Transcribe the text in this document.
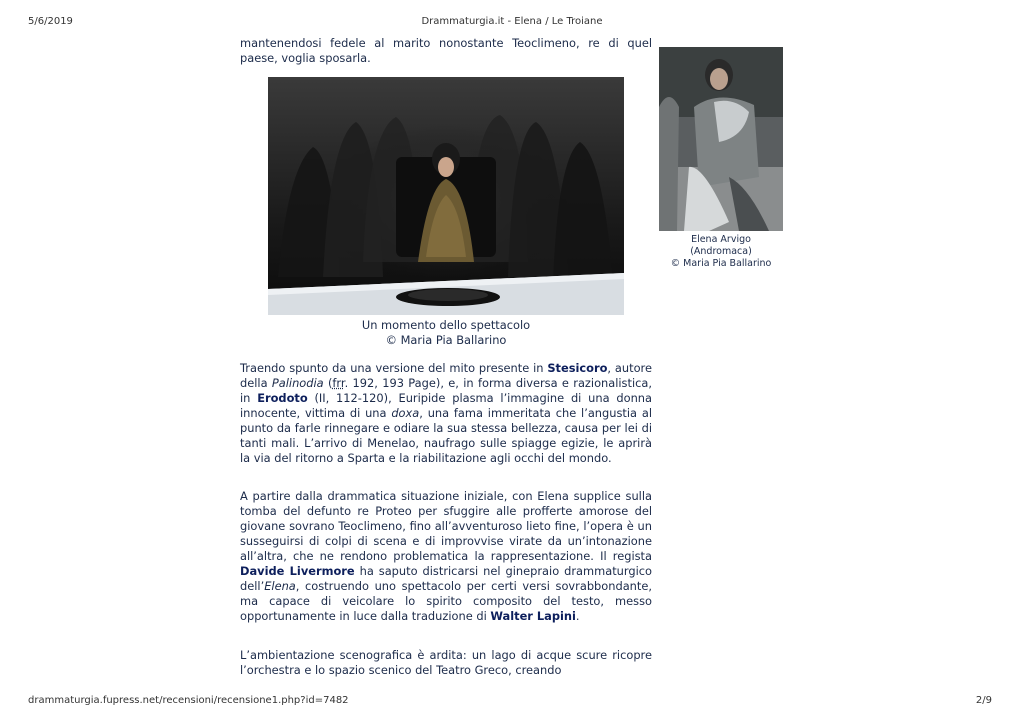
5/6/2019	Drammaturgia.it - Elena / Le Troiane

mantenendosi fedele al marito nonostante Teoclimeno, re di quel paese, voglia sposarla.

Un momento dello spettacolo
© Maria Pia Ballarino
Elena Arvigo
(Andromaca)
© Maria Pia Ballarino

Traendo spunto da una versione del mito presente in Stesicoro, autore della Palinodia (frr. 192, 193 Page), e, in forma diversa e razionalistica, in Erodoto (II, 112-120), Euripide plasma l’immagine di una donna innocente, vittima di una doxa, una fama immeritata che l’angustia al punto da farle rinnegare e odiare la sua stessa bellezza, causa per lei di tanti mali. L’arrivo di Menelao, naufrago sulle spiagge egizie, le aprirà la via del ritorno a Sparta e la riabilitazione agli occhi del mondo.

A partire dalla drammatica situazione iniziale, con Elena supplice sulla tomba del defunto re Proteo per sfuggire alle profferte amorose del giovane sovrano Teoclimeno, fino all’avventuroso lieto fine, l’opera è un susseguirsi di colpi di scena e di improvvise virate da un’intonazione all’altra, che ne rendono problematica la rappresentazione. Il regista Davide Livermore ha saputo districarsi nel ginepraio drammaturgico dell’Elena, costruendo uno spettacolo per certi versi sovrabbondante, ma capace di veicolare lo spirito composito del testo, messo opportunamente in luce dalla traduzione di Walter Lapini.

L’ambientazione scenografica è ardita: un lago di acque scure ricopre l’orchestra e lo spazio scenico del Teatro Greco, creando

drammaturgia.fupress.net/recensioni/recensione1.php?id=7482	2/9
